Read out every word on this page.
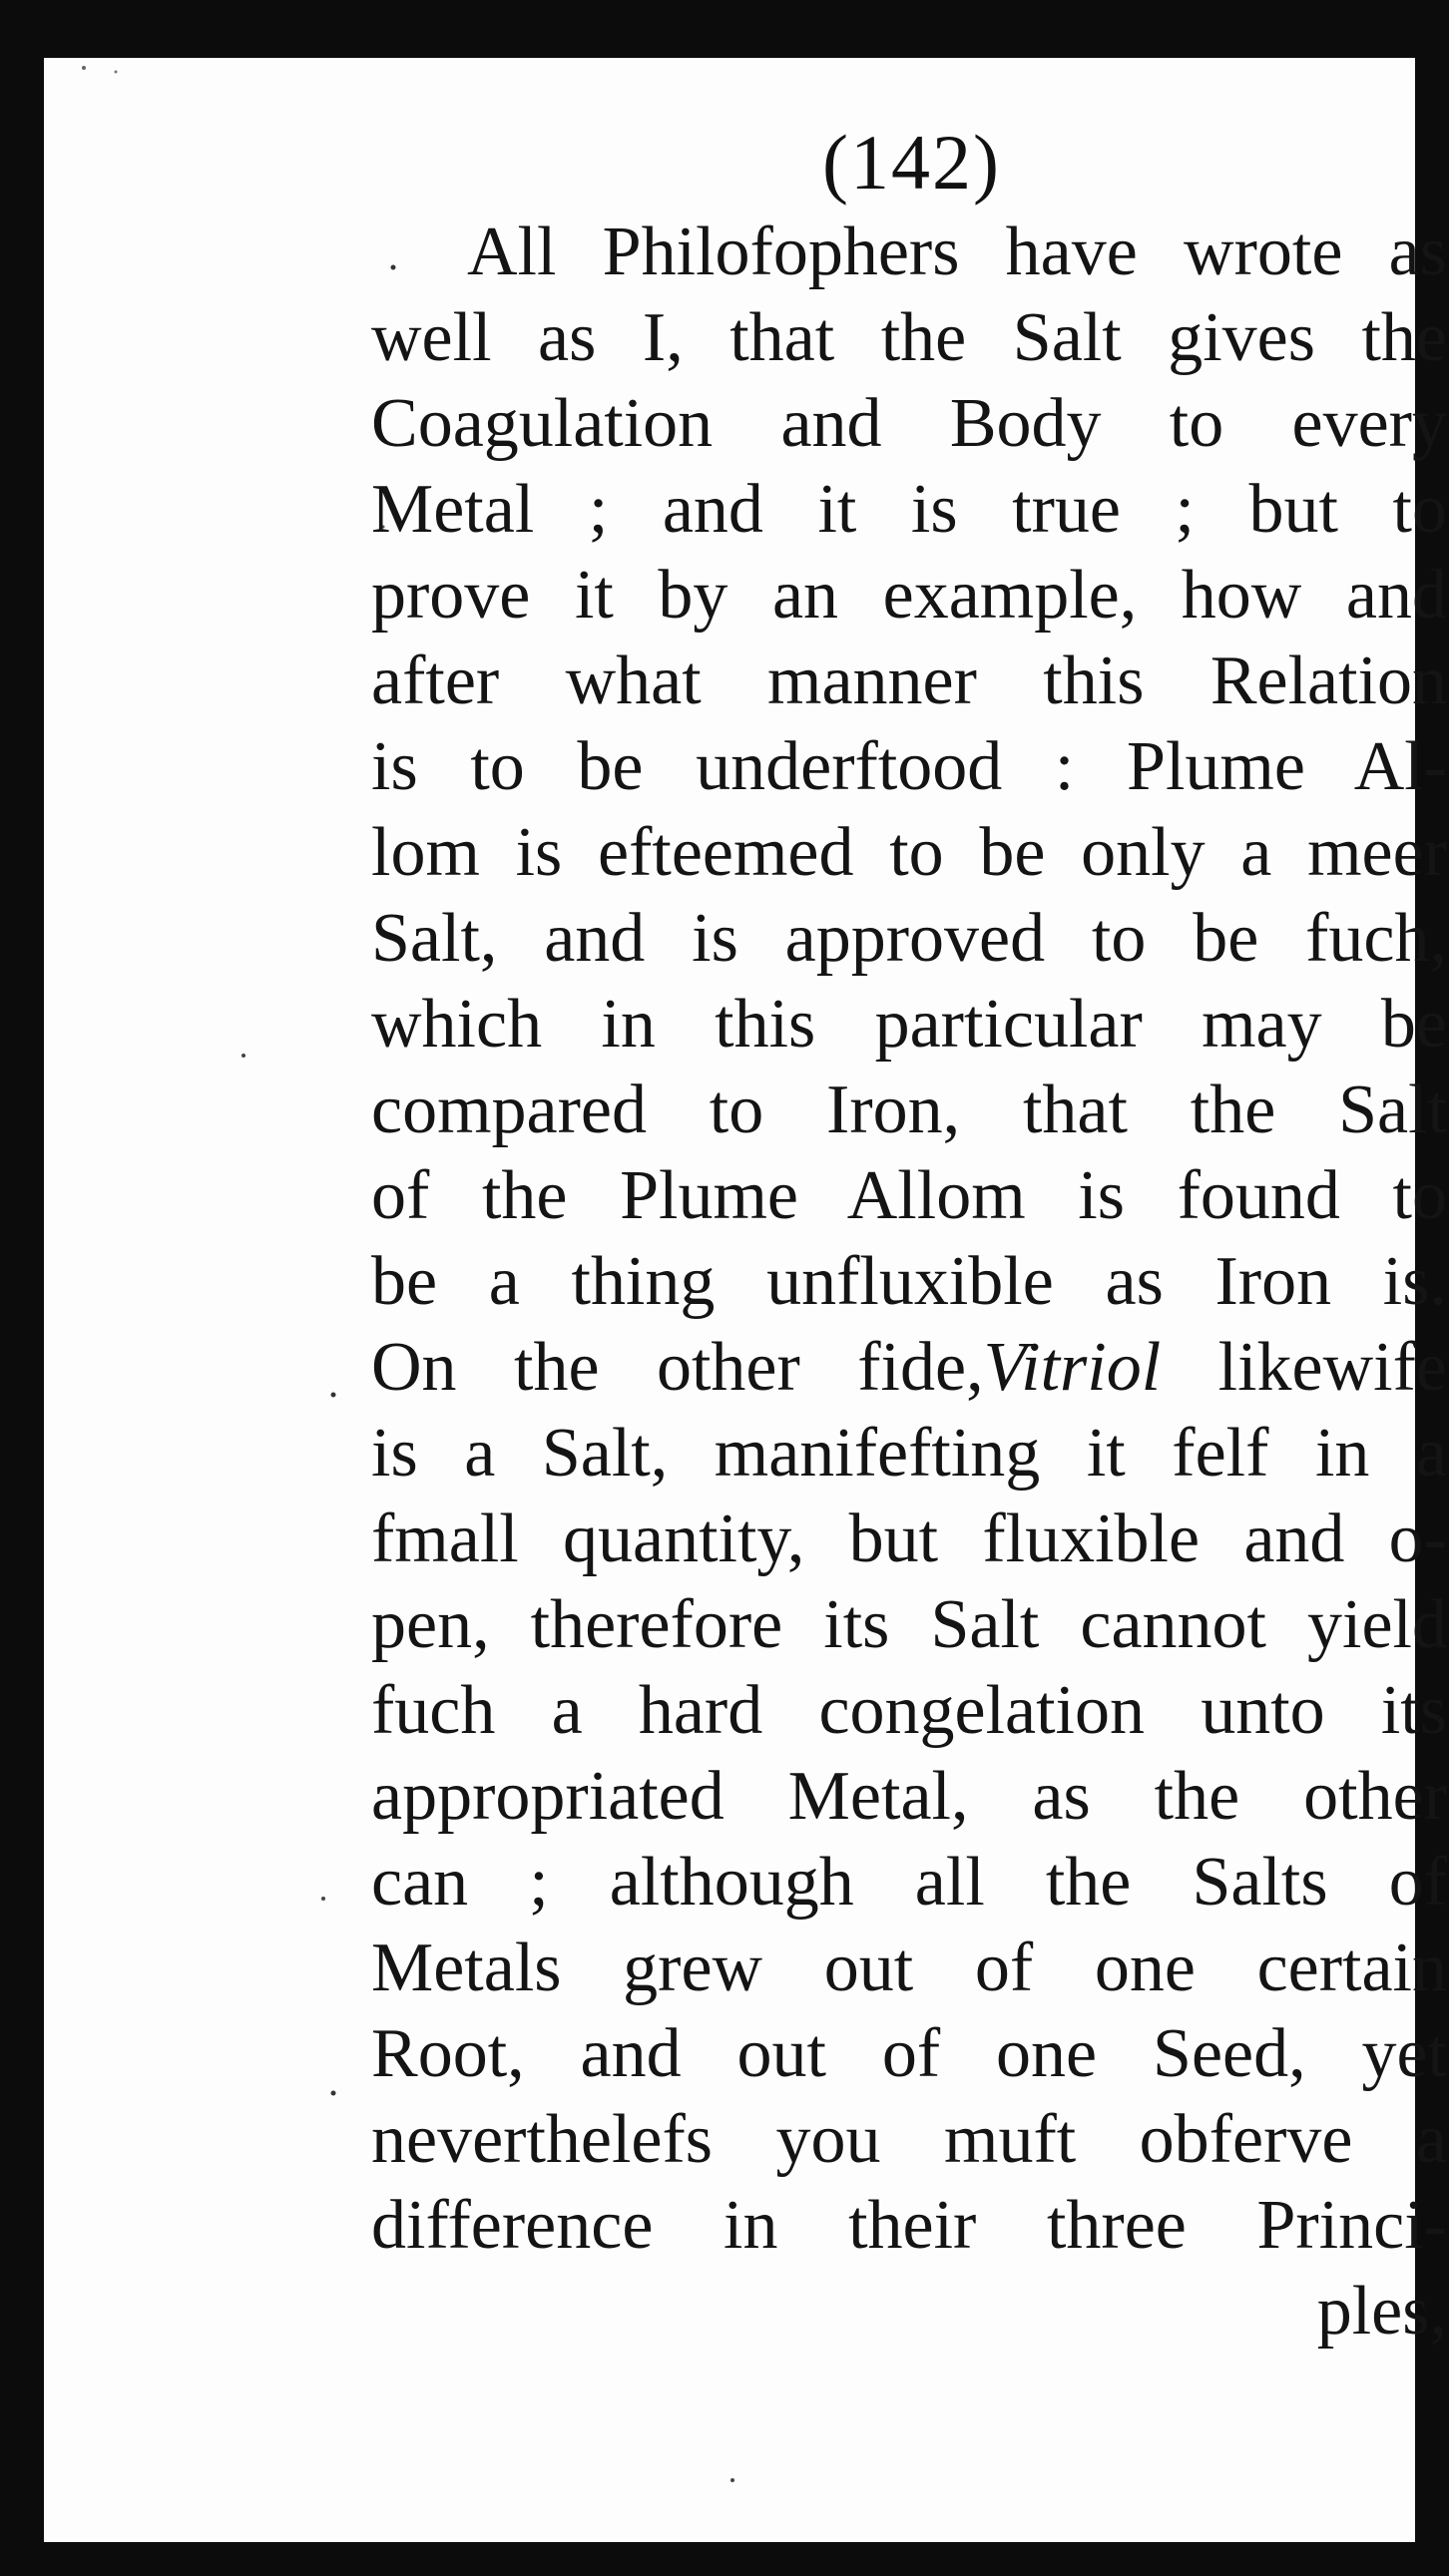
(142)
All Philofophers have wrote as
well as I, that the Salt gives the
Coagulation and Body to every
Metal ; and it is true ; but to
prove it by an example, how and
after what manner this Relation
is to be underftood : Plume Al-
lom is efteemed to be only a meer
Salt, and is approved to be fuch,
which in this particular may be
compared to Iron, that the Salt
of the Plume Allom is found to
be a thing unfluxible as Iron is.
On the other fide,Vitriol likewife
is a Salt, manifefting it felf in a
fmall quantity, but fluxible and o-
pen, therefore its Salt cannot yield
fuch a hard congelation unto its
appropriated Metal, as the other
can ; although all the Salts of
Metals grew out of one certain
Root, and out of one Seed, yet
neverthelefs you muft obferve a
difference in their three Princi-
ples,
